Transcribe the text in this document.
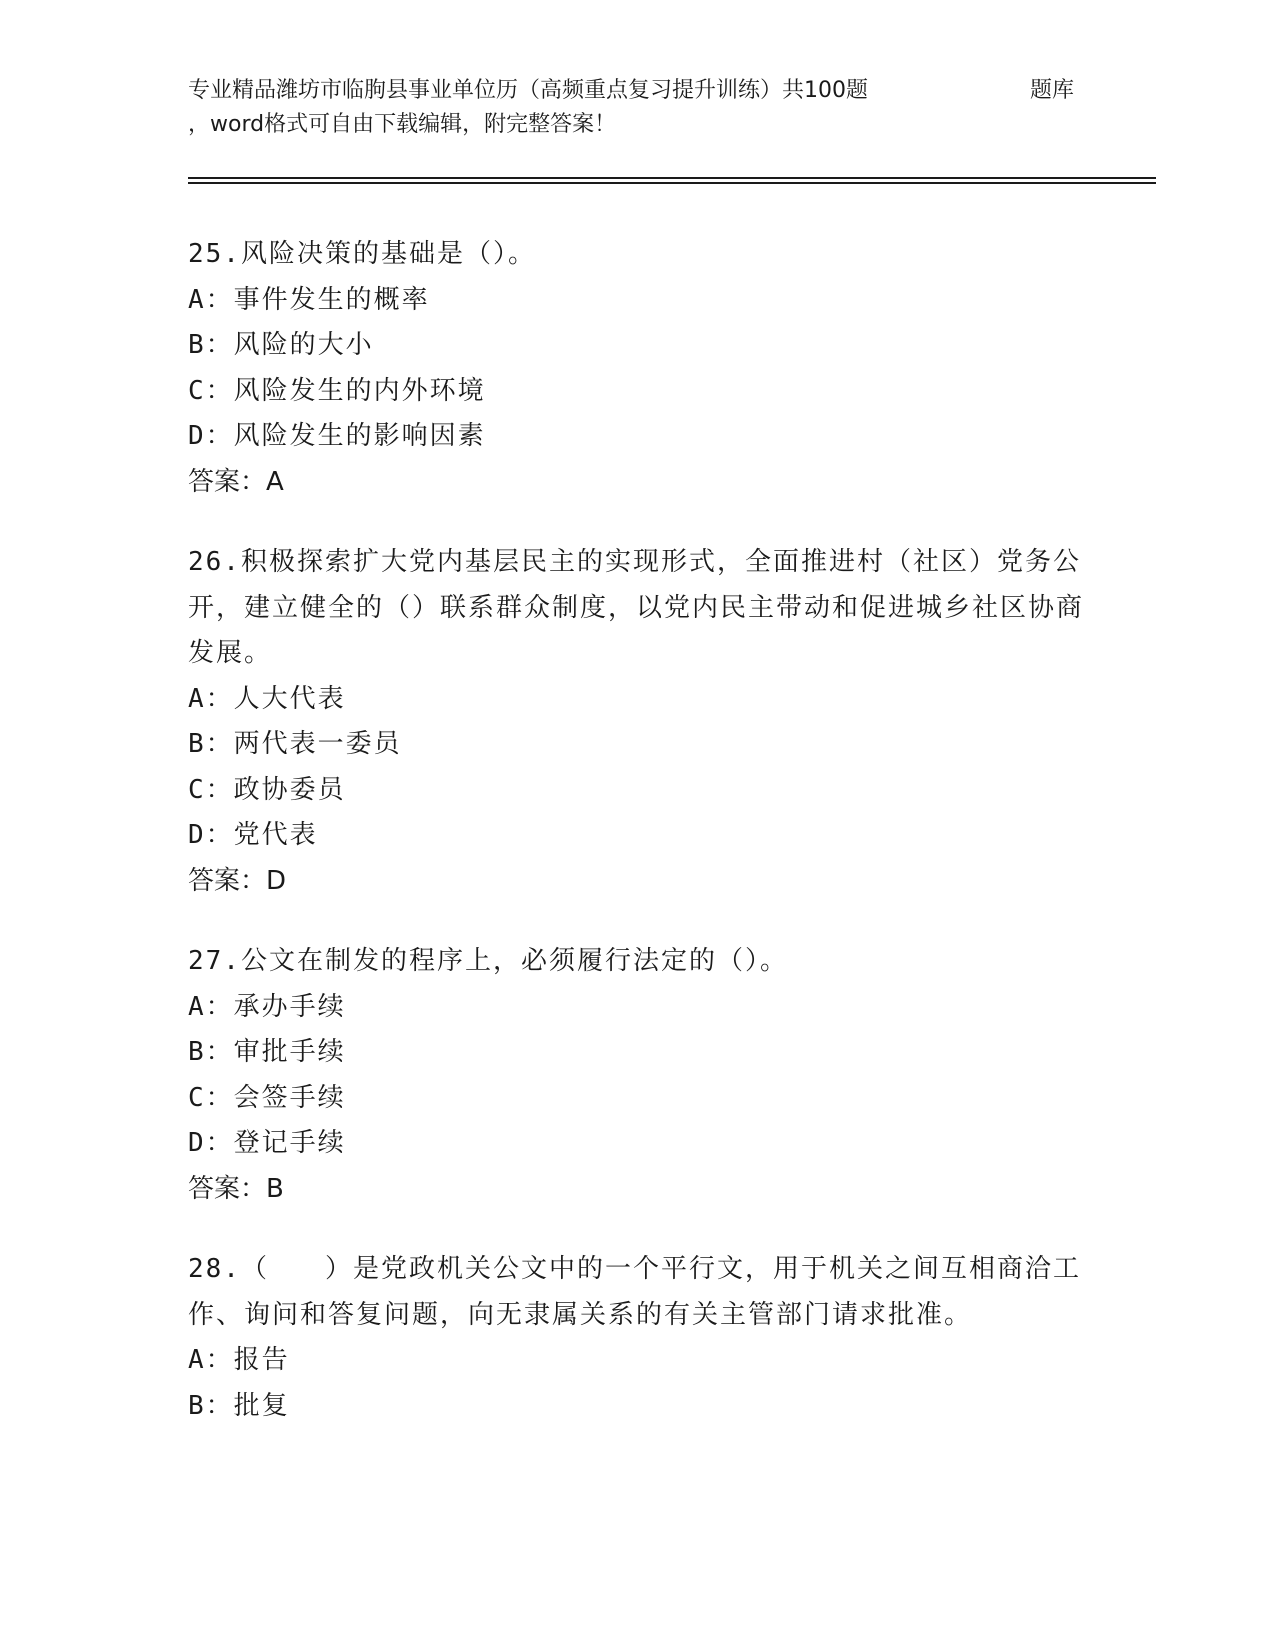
专业精品潍坊市临朐县事业单位历（高频重点复习提升训练）共100题	题库
，word格式可自由下载编辑，附完整答案！

25.风险决策的基础是（）。

A：事件发生的概率
B：风险的大小
C：风险发生的内外环境
D：风险发生的影响因素
答案：A

26.积极探索扩大党内基层民主的实现形式，全面推进村（社区）党务公开，建立健全的（）联系群众制度，以党内民主带动和促进城乡社区协商发展。

A：人大代表
B：两代表一委员
C：政协委员
D：党代表
答案：D

27.公文在制发的程序上，必须履行法定的（）。

A：承办手续
B：审批手续
C：会签手续
D：登记手续
答案：B

28.（　　）是党政机关公文中的一个平行文，用于机关之间互相商洽工作、询问和答复问题，向无隶属关系的有关主管部门请求批准。

A：报告
B：批复
